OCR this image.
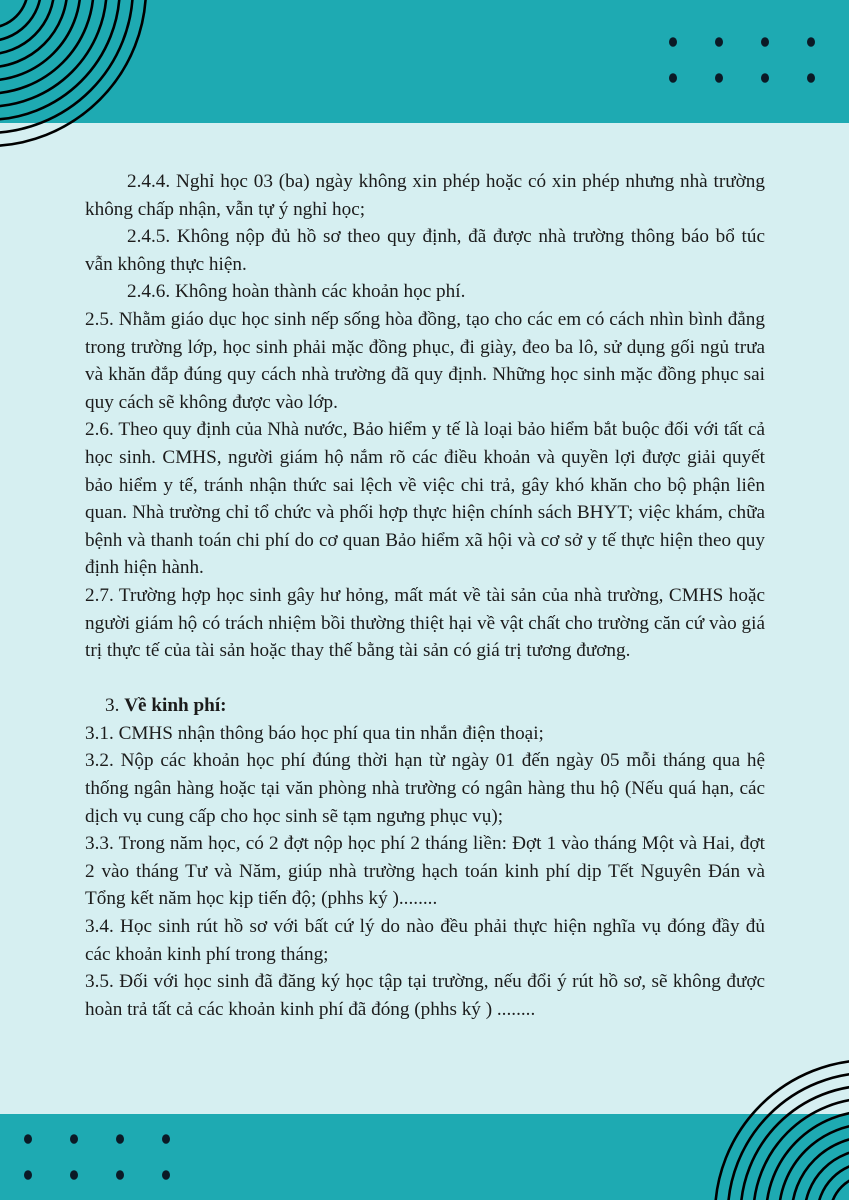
2.4.4. Nghỉ học 03 (ba) ngày không xin phép hoặc có xin phép nhưng nhà trường không chấp nhận, vẫn tự ý nghỉ học;

2.4.5. Không nộp đủ hồ sơ theo quy định, đã được nhà trường thông báo bổ túc vẫn không thực hiện.

2.4.6. Không hoàn thành các khoản học phí.

2.5. Nhằm giáo dục học sinh nếp sống hòa đồng, tạo cho các em có cách nhìn bình đẳng trong trường lớp, học sinh phải mặc đồng phục, đi giày, đeo ba lô, sử dụng gối ngủ trưa và khăn đắp đúng quy cách nhà trường đã quy định. Những học sinh mặc đồng phục sai quy cách sẽ không được vào lớp.

2.6. Theo quy định của Nhà nước, Bảo hiểm y tế là loại bảo hiểm bắt buộc đối với tất cả học sinh. CMHS, người giám hộ nắm rõ các điều khoản và quyền lợi được giải quyết bảo hiểm y tế, tránh nhận thức sai lệch về việc chi trả, gây khó khăn cho bộ phận liên quan. Nhà trường chỉ tổ chức và phối hợp thực hiện chính sách BHYT; việc khám, chữa bệnh và thanh toán chi phí do cơ quan Bảo hiểm xã hội và cơ sở y tế thực hiện theo quy định hiện hành.

2.7. Trường hợp học sinh gây hư hỏng, mất mát về tài sản của nhà trường, CMHS hoặc người giám hộ có trách nhiệm bồi thường thiệt hại về vật chất cho trường căn cứ vào giá trị thực tế của tài sản hoặc thay thế bằng tài sản có giá trị tương đương.

3. Về kinh phí:

3.1. CMHS nhận thông báo học phí qua tin nhắn điện thoại;

3.2. Nộp các khoản học phí đúng thời hạn từ ngày 01 đến ngày 05 mỗi tháng qua hệ thống ngân hàng hoặc tại văn phòng nhà trường có ngân hàng thu hộ (Nếu quá hạn, các dịch vụ cung cấp cho học sinh sẽ tạm ngưng phục vụ);

3.3. Trong năm học, có 2 đợt nộp học phí 2 tháng liền: Đợt 1 vào tháng Một và Hai, đợt 2 vào tháng Tư và Năm, giúp nhà trường hạch toán kinh phí dịp Tết Nguyên Đán và Tổng kết năm học kịp tiến độ; (phhs ký )........

3.4. Học sinh rút hồ sơ với bất cứ lý do nào đều phải thực hiện nghĩa vụ đóng đầy đủ các khoản kinh phí trong tháng;

3.5. Đối với học sinh đã đăng ký học tập tại trường, nếu đổi ý rút hồ sơ, sẽ không được hoàn trả tất cả các khoản kinh phí đã đóng (phhs ký ) ........
